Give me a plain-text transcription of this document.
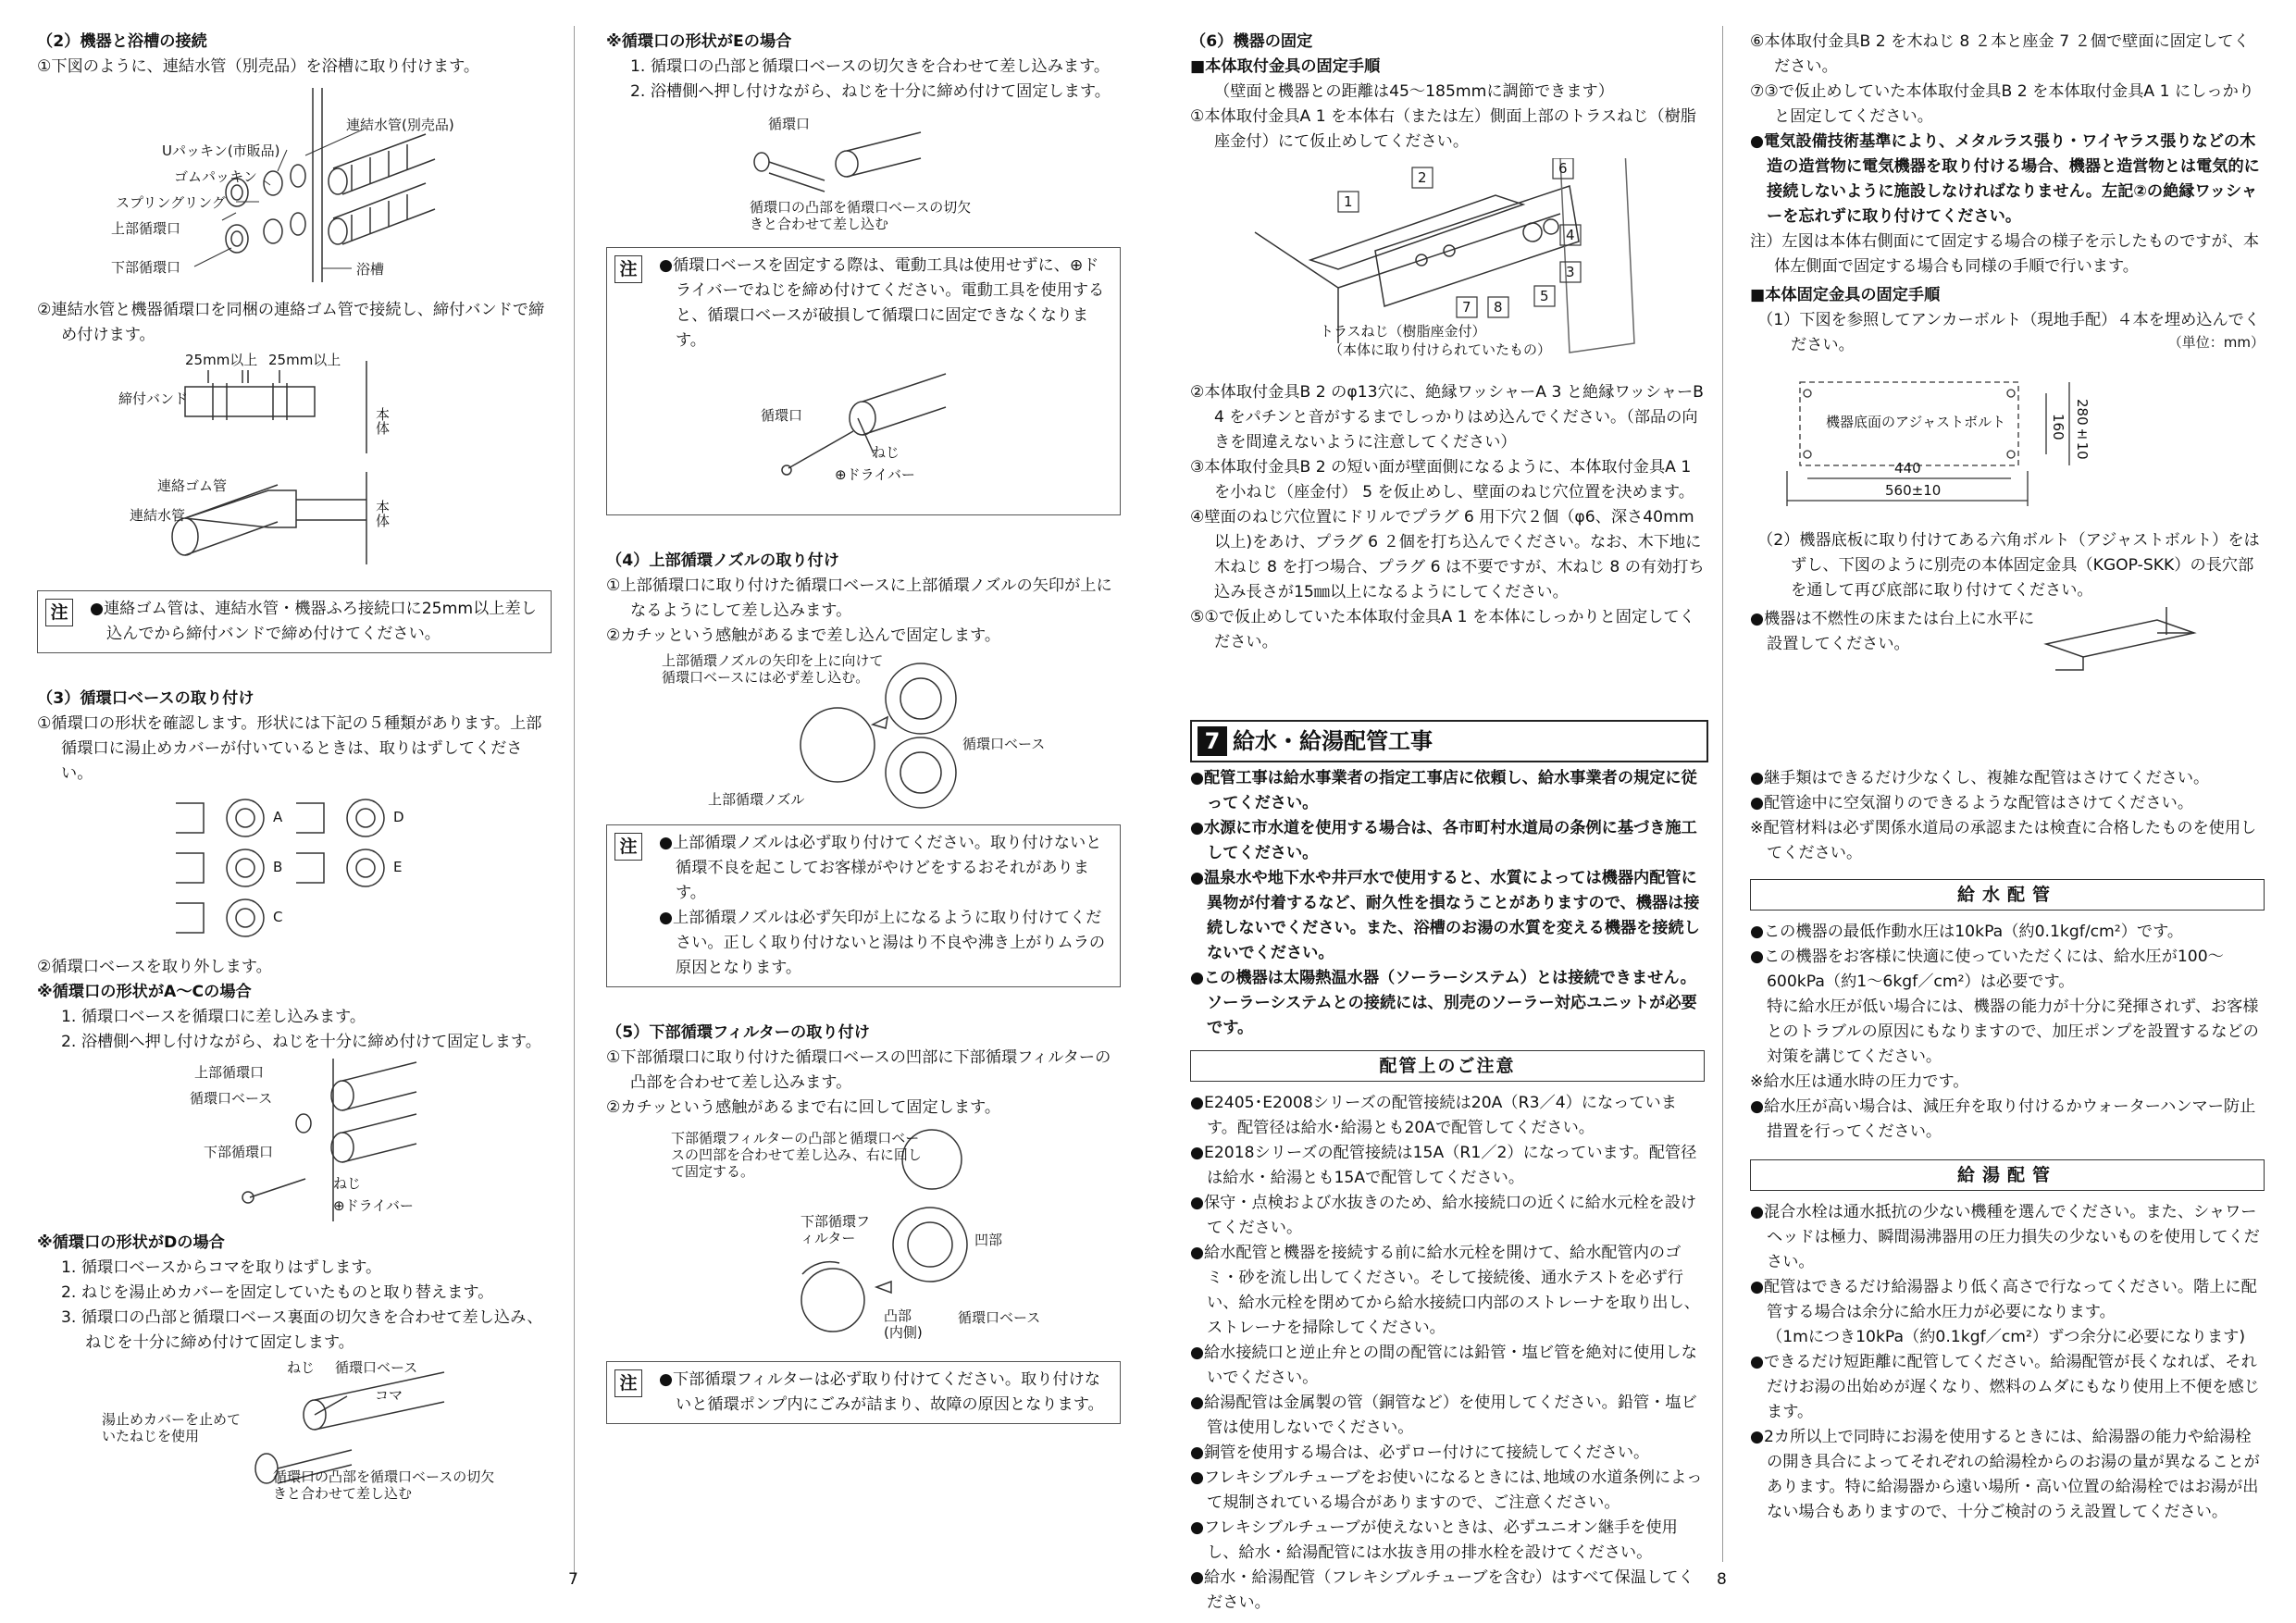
（2）機器と浴槽の接続

①下図のように、連結水管（別売品）を浴槽に取り付けます。

連結水管(別売品)
Uパッキン(市販品)
ゴムパッキン
スプリングリング
上部循環口
下部循環口	浴槽

②連結水管と機器循環口を同梱の連絡ゴム管で接続し、締付バンドで締め付けます。

25mm以上 25mm以上
締付バンド
本体
連絡ゴム管
連結水管	本体
注	●連絡ゴム管は、連結水管・機器ふろ接続口に25mm以上差し込んでから締付バンドで締め付けてください。

（3）循環口ベースの取り付け

①循環口の形状を確認します。形状には下記の５種類があります。上部循環口に湯止めカバーが付いているときは、取りはずしてください。

A
B
C
D
E

②循環口ベースを取り外します。

※循環口の形状がA～Cの場合

1. 循環口ベースを循環口に差し込みます。

2. 浴槽側へ押し付けながら、ねじを十分に締め付けて固定します。

上部循環口
循環口ベース
下部循環口
ねじ
⊕ドライバー

※循環口の形状がDの場合

1. 循環口ベースからコマを取りはずします。

2. ねじを湯止めカバーを固定していたものと取り替えます。

3. 循環口の凸部と循環口ベース裏面の切欠きを合わせて差し込み、ねじを十分に締め付けて固定します。

ねじ 循環口ベース
コマ
湯止めカバーを止めていたねじを使用
循環口の凸部を循環口ベースの切欠きと合わせて差し込む

※循環口の形状がEの場合

1. 循環口の凸部と循環口ベースの切欠きを合わせて差し込みます。

2. 浴槽側へ押し付けながら、ねじを十分に締め付けて固定します。

循環口
循環口の凸部を循環口ベースの切欠きと合わせて差し込む
注	●循環口ベースを固定する際は、電動工具は使用せずに、⊕ドライバーでねじを締め付けてください。電動工具を使用すると、循環口ベースが破損して循環口に固定できなくなります。

循環口
ねじ
⊕ドライバー

（4）上部循環ノズルの取り付け

①上部循環口に取り付けた循環口ベースに上部循環ノズルの矢印が上になるようにして差し込みます。

②カチッという感触があるまで差し込んで固定します。

上部循環ノズルの矢印を上に向けて循環口ベースには必ず差し込む。
循環口ベース
上部循環ノズル
注	●上部循環ノズルは必ず取り付けてください。取り付けないと循環不良を起こしてお客様がやけどをするおそれがあります。

●上部循環ノズルは必ず矢印が上になるように取り付けてください。正しく取り付けないと湯はり不良や沸き上がりムラの原因となります。

（5）下部循環フィルターの取り付け

①下部循環口に取り付けた循環口ベースの凹部に下部循環フィルターの凸部を合わせて差し込みます。

②カチッという感触があるまで右に回して固定します。

下部循環フィルターの凸部と循環口ベースの凹部を合わせて差し込み、右に回して固定する。
下部循環フィルター	凹部
凸部(内側)
循環口ベース
注	●下部循環フィルターは必ず取り付けてください。取り付けないと循環ポンプ内にごみが詰まり、故障の原因となります。

7

（6）機器の固定

■本体取付金具の固定手順

（壁面と機器との距離は45～185mmに調節できます）

①本体取付金具A 1 を本体右（または左）側面上部のトラスねじ（樹脂座金付）にて仮止めしてください。

1
2
3
4
5
6
7 8
トラスねじ（樹脂座金付）
（本体に取り付けられていたもの）

②本体取付金具B 2 のφ13穴に、絶縁ワッシャーA 3 と絶縁ワッシャーB 4 をパチンと音がするまでしっかりはめ込んでください。（部品の向きを間違えないように注意してください）

③本体取付金具B 2 の短い面が壁面側になるように、本体取付金具A 1 を小ねじ（座金付） 5 を仮止めし、壁面のねじ穴位置を決めます。

④壁面のねじ穴位置にドリルでプラグ 6 用下穴２個（φ6、深さ40mm以上)をあけ、プラグ 6 ２個を打ち込んでください。なお、木下地に木ねじ 8 を打つ場合、プラグ 6 は不要ですが、木ねじ 8 の有効打ち込み長さが15㎜以上になるようにしてください。

⑤①で仮止めしていた本体取付金具A 1 を本体にしっかりと固定してください。

⑥本体取付金具B 2 を木ねじ 8 ２本と座金 7 ２個で壁面に固定してください。

⑦③で仮止めしていた本体取付金具B 2 を本体取付金具A 1 にしっかりと固定してください。

●電気設備技術基準により、メタルラス張り・ワイヤラス張りなどの木造の造営物に電気機器を取り付ける場合、機器と造営物とは電気的に接続しないように施設しなければなりません。左記②の絶縁ワッシャーを忘れずに取り付けてください。

注）左図は本体右側面にて固定する場合の様子を示したものですが、本体左側面で固定する場合も同様の手順で行います。

■本体固定金具の固定手順

（1）下図を参照してアンカーボルト（現地手配）４本を埋め込んでください。	（単位：mm）
機器底面のアジャストボルト	160 280±10
440
560±10

（2）機器底板に取り付けてある六角ボルト（アジャストボルト）をはずし、下図のように別売の本体固定金具（KGOP-SKK）の長穴部を通して再び底部に取り付けてください。

●機器は不燃性の床または台上に水平に設置してください。

7 給水・給湯配管工事

●配管工事は給水事業者の指定工事店に依頼し、給水事業者の規定に従ってください。

●水源に市水道を使用する場合は、各市町村水道局の条例に基づき施工してください。

●温泉水や地下水や井戸水で使用すると、水質によっては機器内配管に異物が付着するなど、耐久性を損なうことがありますので、機器は接続しないでください。また、浴槽のお湯の水質を変える機器を接続しないでください。

●この機器は太陽熱温水器（ソーラーシステム）とは接続できません。ソーラーシステムとの接続には、別売のソーラー対応ユニットが必要です。

配管上のご注意

●E2405･E2008シリーズの配管接続は20A（R3／4）になっています。配管径は給水･給湯とも20Aで配管してください。

●E2018シリーズの配管接続は15A（R1／2）になっています。配管径は給水・給湯とも15Aで配管してください。

●保守・点検および水抜きのため、給水接続口の近くに給水元栓を設けてください。

●給水配管と機器を接続する前に給水元栓を開けて、給水配管内のゴミ・砂を流し出してください。そして接続後、通水テストを必ず行い、給水元栓を閉めてから給水接続口内部のストレーナを取り出し、ストレーナを掃除してください。

●給水接続口と逆止弁との間の配管には鉛管・塩ビ管を絶対に使用しないでください。

●給湯配管は金属製の管（銅管など）を使用してください。鉛管・塩ビ管は使用しないでください。

●銅管を使用する場合は、必ずロー付けにて接続してください。

●フレキシブルチューブをお使いになるときには､地域の水道条例によって規制されている場合がありますので、ご注意ください。

●フレキシブルチューブが使えないときは、必ずユニオン継手を使用し、給水・給湯配管には水抜き用の排水栓を設けてください。

●給水・給湯配管（フレキシブルチューブを含む）はすべて保温してください。

●継手類はできるだけ少なくし、複雑な配管はさけてください。

●配管途中に空気溜りのできるような配管はさけてください。

※配管材料は必ず関係水道局の承認または検査に合格したものを使用してください。

給水配管

●この機器の最低作動水圧は10kPa（約0.1kgf/cm²）です。

●この機器をお客様に快適に使っていただくには、給水圧が100～600kPa（約1～6kgf／cm²）は必要です。

特に給水圧が低い場合には、機器の能力が十分に発揮されず、お客様とのトラブルの原因にもなりますので、加圧ポンプを設置するなどの対策を講じてください。

※給水圧は通水時の圧力です。

●給水圧が高い場合は、減圧弁を取り付けるかウォーターハンマー防止措置を行ってください。

給湯配管

●混合水栓は通水抵抗の少ない機種を選んでください。また、シャワーヘッドは極力、瞬間湯沸器用の圧力損失の少ないものを使用してください。

●配管はできるだけ給湯器より低く高さで行なってください。階上に配管する場合は余分に給水圧力が必要になります。

（1mにつき10kPa（約0.1kgf／cm²）ずつ余分に必要になります)

●できるだけ短距離に配管してください。給湯配管が長くなれば、それだけお湯の出始めが遅くなり、燃料のムダにもなり使用上不便を感じます。

●2カ所以上で同時にお湯を使用するときには、給湯器の能力や給湯栓の開き具合によってそれぞれの給湯栓からのお湯の量が異なることがあります。特に給湯器から遠い場所・高い位置の給湯栓ではお湯が出ない場合もありますので、十分ご検討のうえ設置してください。

8
